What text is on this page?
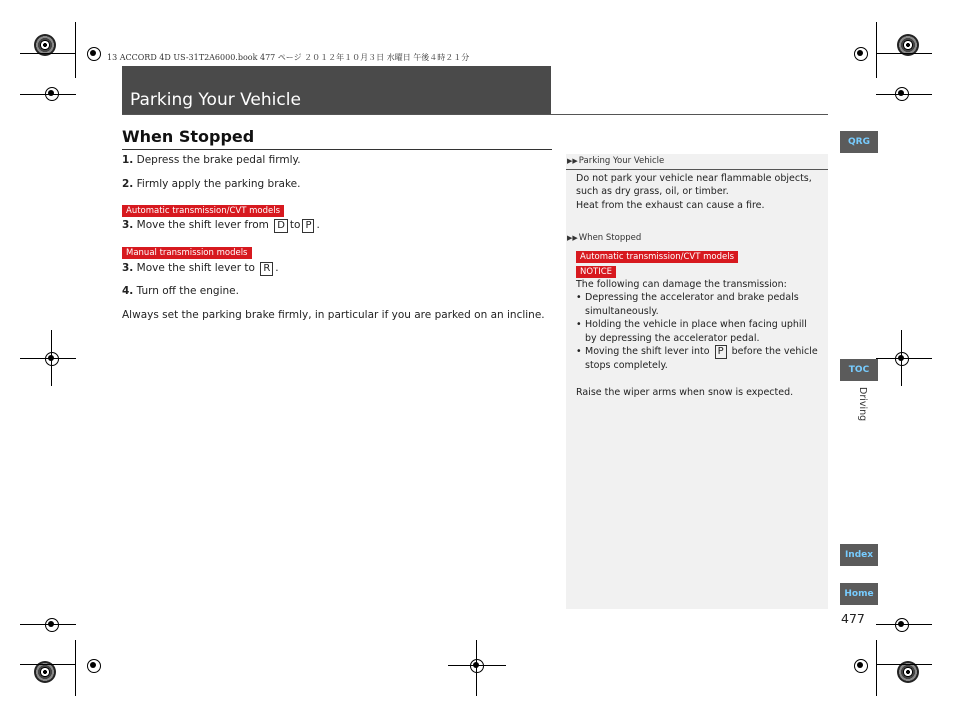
13 ACCORD 4D US-31T2A6000.book 477 ページ ２０１２年１０月３日 水曜日 午後４時２１分
Parking Your Vehicle
When Stopped
1. Depress the brake pedal firmly.
2. Firmly apply the parking brake.
Automatic transmission/CVT models
3. Move the shift lever from D to P .
Manual transmission models
3. Move the shift lever to R .
4. Turn off the engine.
Always set the parking brake firmly, in particular if you are parked on an incline.
▶▶Parking Your Vehicle
Do not park your vehicle near flammable objects,
such as dry grass, oil, or timber.
Heat from the exhaust can cause a fire.
▶▶When Stopped
Automatic transmission/CVT models
NOTICE
The following can damage the transmission:
• Depressing the accelerator and brake pedals simultaneously.
• Holding the vehicle in place when facing uphill by depressing the accelerator pedal.
• Moving the shift lever into P before the vehicle stops completely.
Raise the wiper arms when snow is expected.
QRG
TOC
Driving
Index
Home
477
